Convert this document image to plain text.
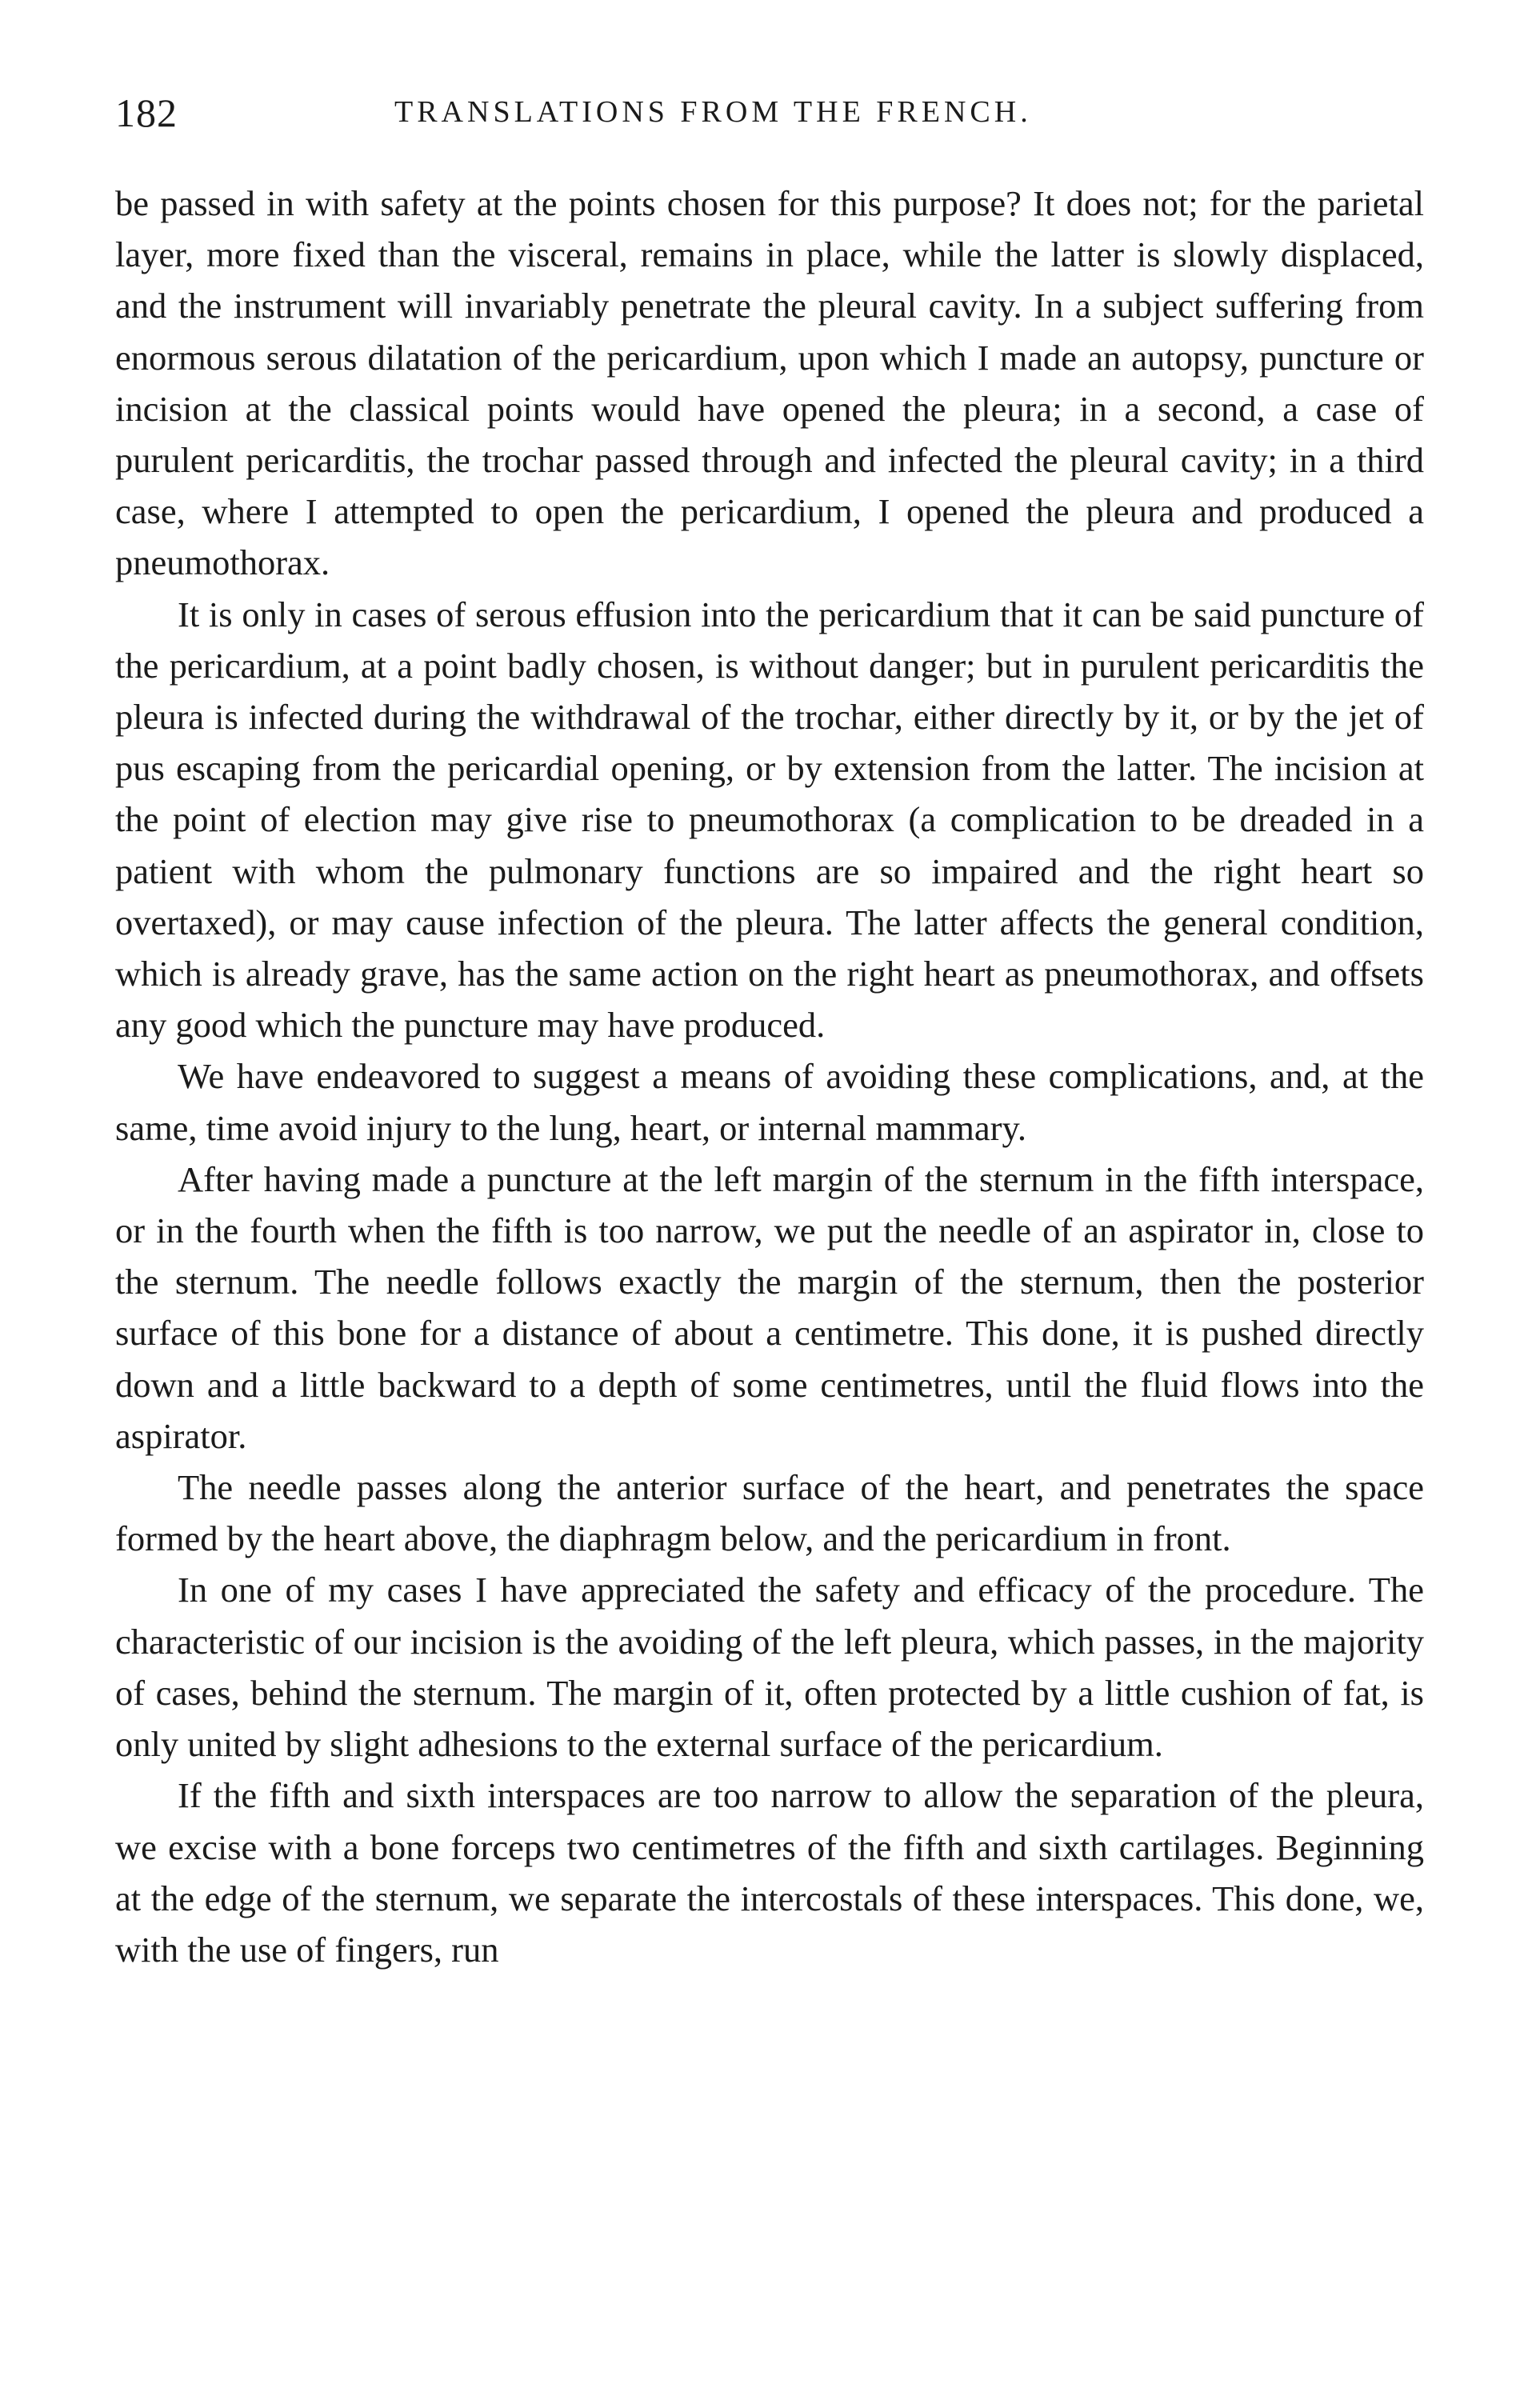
182	TRANSLATIONS FROM THE FRENCH.

be passed in with safety at the points chosen for this purpose? It does not; for the parietal layer, more fixed than the visceral, remains in place, while the latter is slowly displaced, and the instrument will invariably penetrate the pleural cavity. In a subject suffering from enormous serous dilatation of the pericardium, upon which I made an autopsy, puncture or incision at the classical points would have opened the pleura; in a second, a case of purulent pericarditis, the trochar passed through and infected the pleural cavity; in a third case, where I attempted to open the pericardium, I opened the pleura and produced a pneumothorax.

It is only in cases of serous effusion into the pericardium that it can be said puncture of the pericardium, at a point badly chosen, is without danger; but in purulent pericarditis the pleura is infected during the withdrawal of the trochar, either directly by it, or by the jet of pus escaping from the pericardial opening, or by extension from the latter. The incision at the point of election may give rise to pneumothorax (a complication to be dreaded in a patient with whom the pulmonary functions are so impaired and the right heart so overtaxed), or may cause infection of the pleura. The latter affects the general condition, which is already grave, has the same action on the right heart as pneumothorax, and offsets any good which the puncture may have produced.

We have endeavored to suggest a means of avoiding these complications, and, at the same, time avoid injury to the lung, heart, or internal mammary.

After having made a puncture at the left margin of the sternum in the fifth interspace, or in the fourth when the fifth is too narrow, we put the needle of an aspirator in, close to the sternum. The needle follows exactly the margin of the sternum, then the posterior surface of this bone for a distance of about a centimetre. This done, it is pushed directly down and a little backward to a depth of some centimetres, until the fluid flows into the aspirator.

The needle passes along the anterior surface of the heart, and penetrates the space formed by the heart above, the diaphragm below, and the pericardium in front.

In one of my cases I have appreciated the safety and efficacy of the procedure. The characteristic of our incision is the avoiding of the left pleura, which passes, in the majority of cases, behind the sternum. The margin of it, often protected by a little cushion of fat, is only united by slight adhesions to the external surface of the pericardium.

If the fifth and sixth interspaces are too narrow to allow the separation of the pleura, we excise with a bone forceps two centimetres of the fifth and sixth cartilages. Beginning at the edge of the sternum, we separate the intercostals of these interspaces. This done, we, with the use of fingers, run
